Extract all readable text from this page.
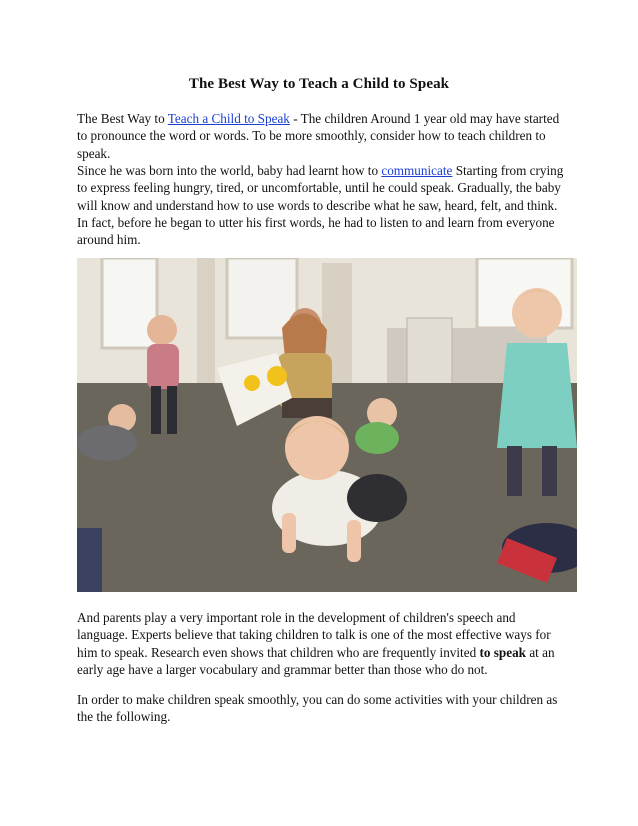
The Best Way to Teach a Child to Speak
The Best Way to Teach a Child to Speak - The children Around 1 year old may have started to pronounce the word or words. To be more smoothly, consider how to teach children to speak.
Since he was born into the world, baby had learnt how to communicate Starting from crying to express feeling hungry, tired, or uncomfortable, until he could speak. Gradually, the baby will know and understand how to use words to describe what he saw, heard, felt, and think. In fact, before he began to utter his first words, he had to listen to and learn from everyone around him.
And parents play a very important role in the development of children's speech and language. Experts believe that taking children to talk is one of the most effective ways for him to speak. Research even shows that children who are frequently invited to speak at an early age have a larger vocabulary and grammar better than those who do not.
In order to make children speak smoothly, you can do some activities with your children as the the following.
